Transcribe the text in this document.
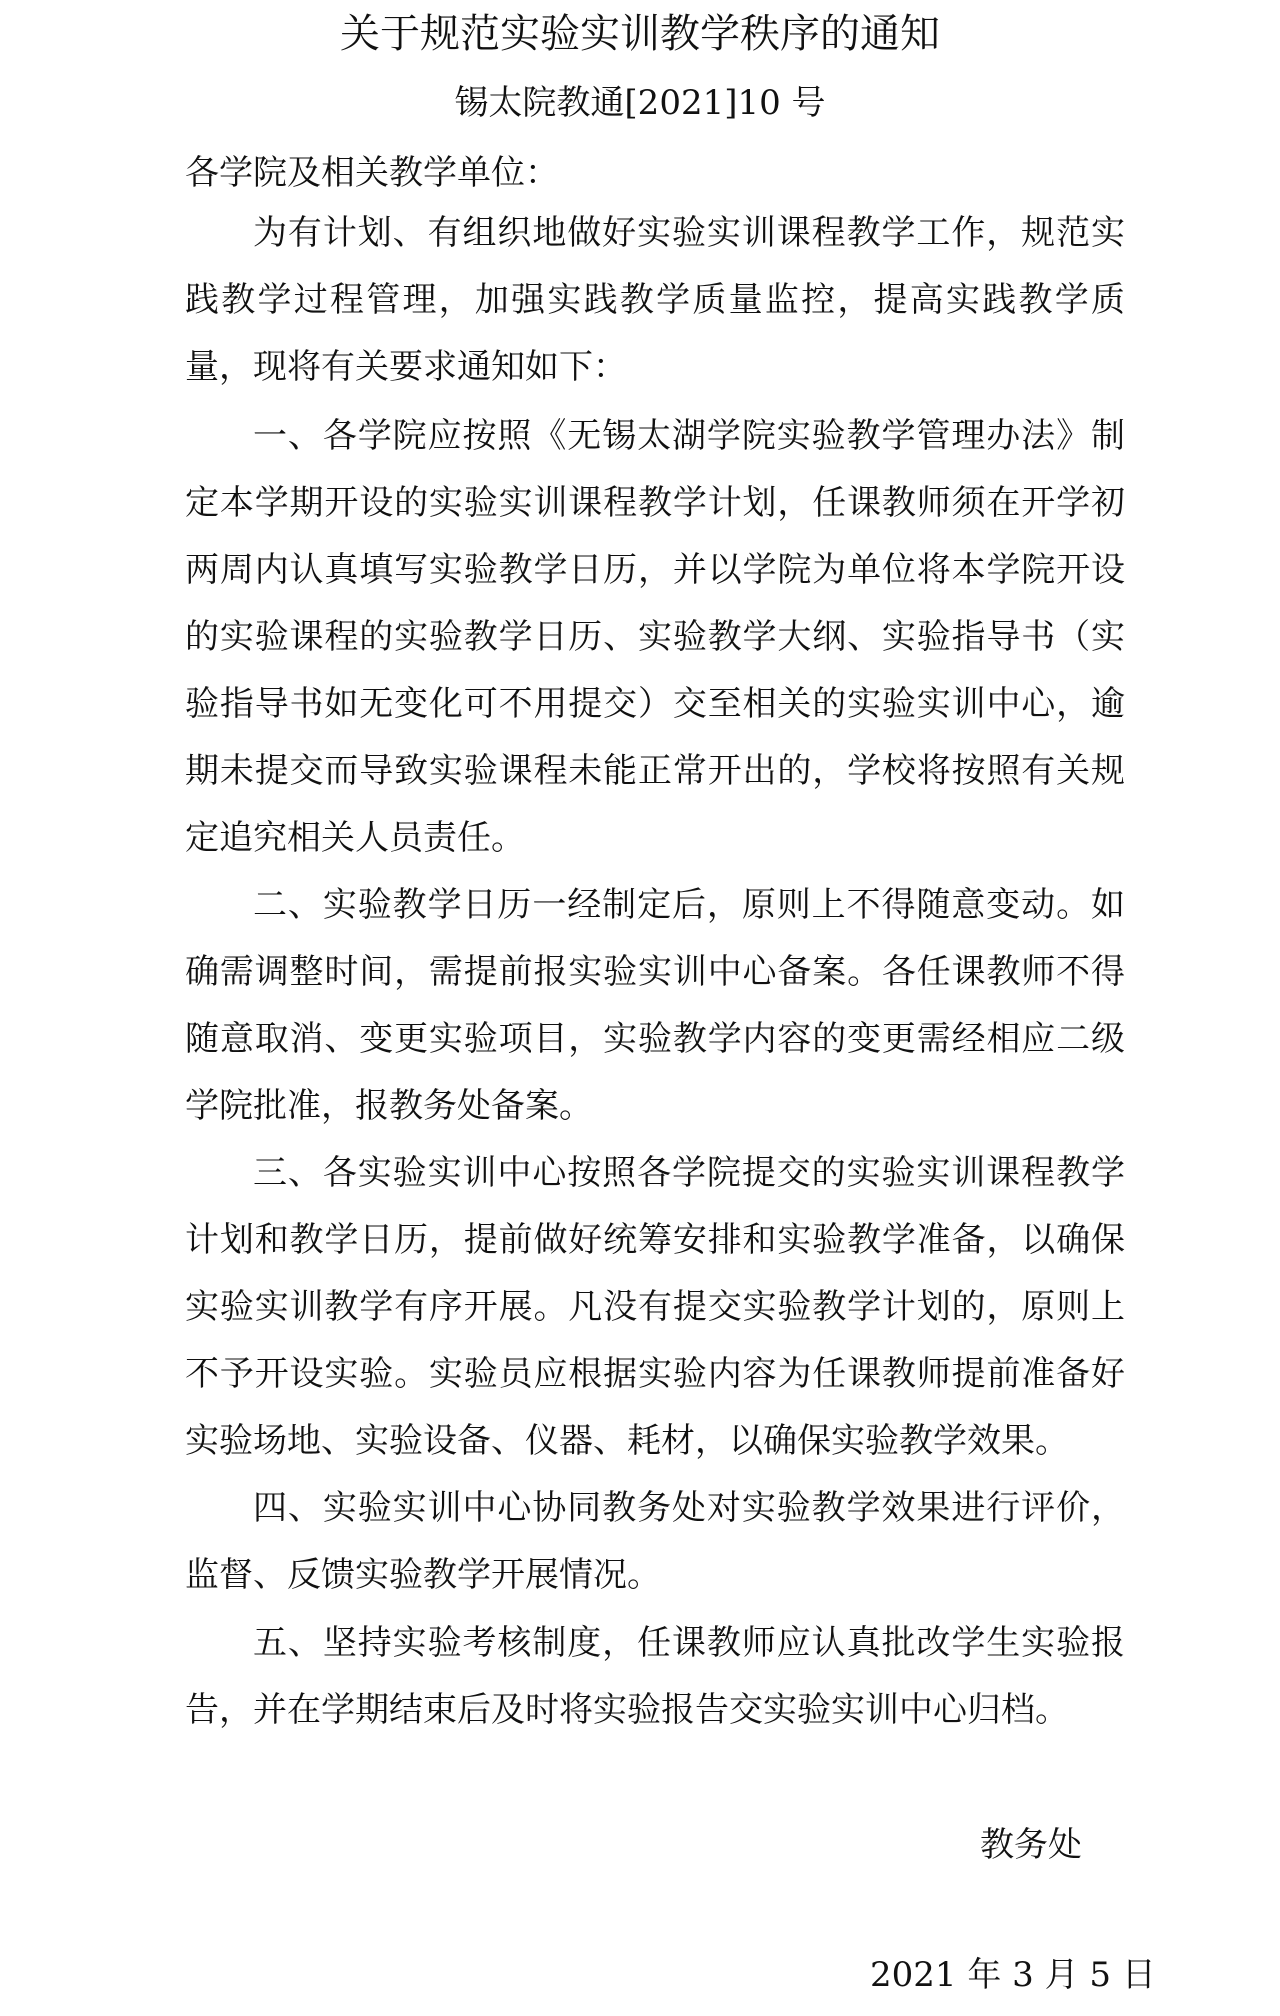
关于规范实验实训教学秩序的通知
锡太院教通[2021]10 号
各学院及相关教学单位：

为有计划、有组织地做好实验实训课程教学工作，规范实践教学过程管理，加强实践教学质量监控，提高实践教学质量，现将有关要求通知如下：

一、各学院应按照《无锡太湖学院实验教学管理办法》制定本学期开设的实验实训课程教学计划，任课教师须在开学初两周内认真填写实验教学日历，并以学院为单位将本学院开设的实验课程的实验教学日历、实验教学大纲、实验指导书（实验指导书如无变化可不用提交）交至相关的实验实训中心，逾期未提交而导致实验课程未能正常开出的，学校将按照有关规定追究相关人员责任。

二、实验教学日历一经制定后，原则上不得随意变动。如确需调整时间，需提前报实验实训中心备案。各任课教师不得随意取消、变更实验项目，实验教学内容的变更需经相应二级学院批准，报教务处备案。

三、各实验实训中心按照各学院提交的实验实训课程教学计划和教学日历，提前做好统筹安排和实验教学准备，以确保实验实训教学有序开展。凡没有提交实验教学计划的，原则上不予开设实验。实验员应根据实验内容为任课教师提前准备好实验场地、实验设备、仪器、耗材，以确保实验教学效果。

四、实验实训中心协同教务处对实验教学效果进行评价，监督、反馈实验教学开展情况。

五、坚持实验考核制度，任课教师应认真批改学生实验报告，并在学期结束后及时将实验报告交实验实训中心归档。

教务处
2021 年 3 月 5 日
